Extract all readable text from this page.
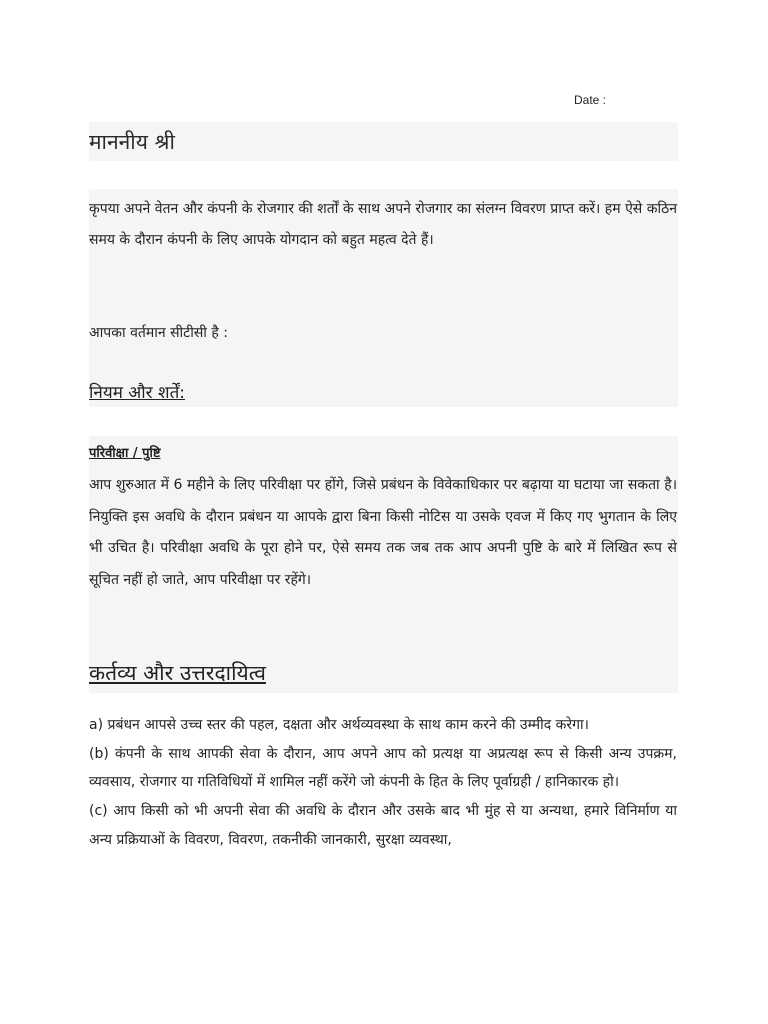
Date :
माननीय श्री

कृपया अपने वेतन और कंपनी के रोजगार की शर्तों के साथ अपने रोजगार का संलग्न विवरण प्राप्त करें। हम ऐसे कठिन समय के दौरान कंपनी के लिए आपके योगदान को बहुत महत्व देते हैं।

आपका वर्तमान सीटीसी है :

नियम और शर्तें:
परिवीक्षा / पुष्टि

आप शुरुआत में 6 महीने के लिए परिवीक्षा पर होंगे, जिसे प्रबंधन के विवेकाधिकार पर बढ़ाया या घटाया जा सकता है। नियुक्ति इस अवधि के दौरान प्रबंधन या आपके द्वारा बिना किसी नोटिस या उसके एवज में किए गए भुगतान के लिए भी उचित है। परिवीक्षा अवधि के पूरा होने पर, ऐसे समय तक जब तक आप अपनी पुष्टि के बारे में लिखित रूप से सूचित नहीं हो जाते, आप परिवीक्षा पर रहेंगे।

कर्तव्य और उत्तरदायित्व
a) प्रबंधन आपसे उच्च स्तर की पहल, दक्षता और अर्थव्यवस्था के साथ काम करने की उम्मीद करेगा।
(b) कंपनी के साथ आपकी सेवा के दौरान, आप अपने आप को प्रत्यक्ष या अप्रत्यक्ष रूप से किसी अन्य उपक्रम, व्यवसाय, रोजगार या गतिविधियों में शामिल नहीं करेंगे जो कंपनी के हित के लिए पूर्वाग्रही / हानिकारक हो।
(c) आप किसी को भी अपनी सेवा की अवधि के दौरान और उसके बाद भी मुंह से या अन्यथा, हमारे विनिर्माण या अन्य प्रक्रियाओं के विवरण, विवरण, तकनीकी जानकारी, सुरक्षा व्यवस्था,
